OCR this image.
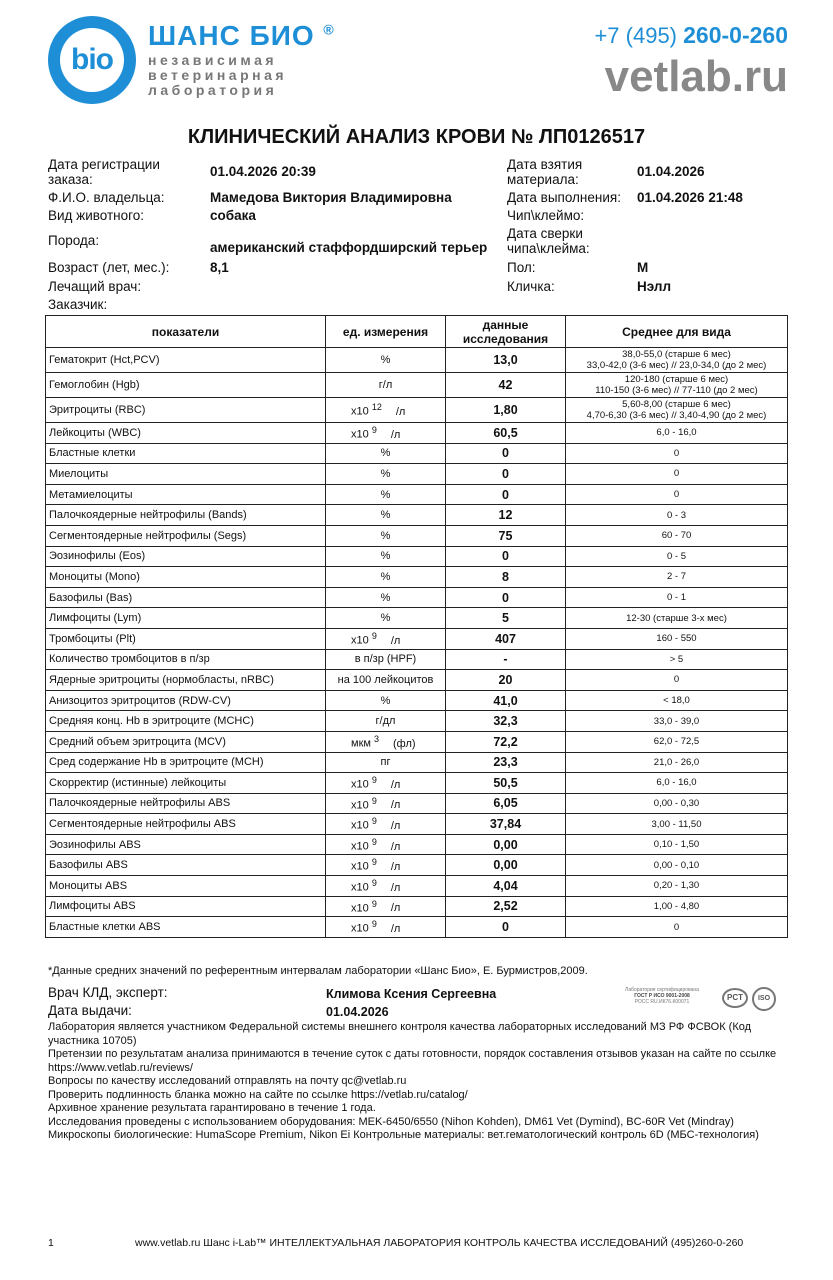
bio
ШАНС БИО ®
независимая
ветеринарная
лаборатория
+7 (495) 260-0-260
vetlab.ru
КЛИНИЧЕСКИЙ АНАЛИЗ КРОВИ № ЛП0126517
Дата регистрации заказа:
01.04.2026 20:39
Ф.И.О. владельца:	Мамедова Виктория Владимировна
Вид животного:	собака
Порода:	американский стаффордширский терьер
Возраст (лет, мес.):	8,1
Лечащий врач:
Заказчик:
Дата взятия материала:
01.04.2026
Дата выполнения:	01.04.2026 21:48
Чип\клеймо:
Дата сверки чипа\клейма:
Пол:	М
Кличка:	Нэлл
показатели	ед. измерения	данные исследования	Среднее для вида
Гематокрит (Hct,PCV)	%	13,0	38,0-55,0 (старше 6 мес)
33,0-42,0 (3-6 мес) // 23,0-34,0 (до 2 мес)

Гемоглобин (Hgb)	г/л	42	120-180 (старше 6 мес)
110-150 (3-6 мес) // 77-110 (до 2 мес)

Эритроциты (RBC)	x10 $^{12}$ /л	1,80	5,60-8,00 (старше 6 мес)
4,70-6,30 (3-6 мес) // 3,40-4,90 (до 2 мес)

Лейкоциты (WBC)	x10 $^9$ /л	60,5	6,0 - 16,0

Бластные клетки	%	0	0

Миелоциты	%	0	0

Метамиелоциты	%	0	0

Палочкоядерные нейтрофилы (Bands)	%	12	0 - 3

Сегментоядерные нейтрофилы (Segs)	%	75	60 - 70

Эозинофилы (Eos)	%	0	0 - 5

Моноциты (Mono)	%	8	2 - 7

Базофилы (Bas)	%	0	0 - 1

Лимфоциты (Lym)	%	5	12-30 (старше 3-х мес)

Тромбоциты (Plt)	x10 $^9$ /л	407	160 - 550

Количество тромбоцитов в п/зр	в п/зр (HPF)	-	> 5

Ядерные эритроциты (нормобласты, nRBC)	на 100 лейкоцитов	20	0

Анизоцитоз эритроцитов (RDW-CV)	%	41,0	< 18,0

Средняя конц. Hb в эритроците (MCHC)	г/дл	32,3	33,0 - 39,0

Средний объем эритроцита (MCV)	мкм $^3$ (фл)	72,2	62,0 - 72,5

Сред содержание Hb в эритроците (MCH)	пг	23,3	21,0 - 26,0

Скорректир (истинные) лейкоциты	x10 $^9$ /л	50,5	6,0 - 16,0

Палочкоядерные нейтрофилы ABS	x10 $^9$ /л	6,05	0,00 - 0,30

Сегментоядерные нейтрофилы ABS	x10 $^9$ /л	37,84	3,00 - 11,50

Эозинофилы ABS	x10 $^9$ /л	0,00	0,10 - 1,50

Базофилы ABS	x10 $^9$ /л	0,00	0,00 - 0,10

Моноциты ABS	x10 $^9$ /л	4,04	0,20 - 1,30

Лимфоциты ABS	x10 $^9$ /л	2,52	1,00 - 4,80

Бластные клетки ABS	x10 $^9$ /л	0	0
*Данные средних значений по референтным интервалам лаборатории «Шанс Био», Е. Бурмистров,2009.
Врач КЛД, эксперт:	Климова Ксения Сергеевна
Дата выдачи:	01.04.2026
Лаборатория сертифицирована
ГОСТ Р ИСО 9001-2008
РОСС RU.ИК76.К00071	PCT	ISO
Лаборатория является участником Федеральной системы внешнего контроля качества лабораторных исследований МЗ РФ ФСВОК (Код участника 10705)
Претензии по результатам анализа принимаются в течение суток с даты готовности, порядок составления отзывов указан на сайте по ссылке https://www.vetlab.ru/reviews/
Вопросы по качеству исследований отправлять на почту qc@vetlab.ru
Проверить подлинность бланка можно на сайте по ссылке https://vetlab.ru/catalog/
Архивное хранение результата гарантировано в течение 1 года.
Исследования проведены с использованием оборудования: MEK-6450/6550 (Nihon Kohden), DM61 Vet (Dymind), BC-60R Vet (Mindray)
Микроскопы биологические: HumaScope Premium, Nikon Ei Контрольные материалы: вет.гематологический контроль 6D (МБС-технология)
1	www.vetlab.ru Шанс i-Lab™ ИНТЕЛЛЕКТУАЛЬНАЯ ЛАБОРАТОРИЯ КОНТРОЛЬ КАЧЕСТВА ИССЛЕДОВАНИЙ (495)260-0-260
